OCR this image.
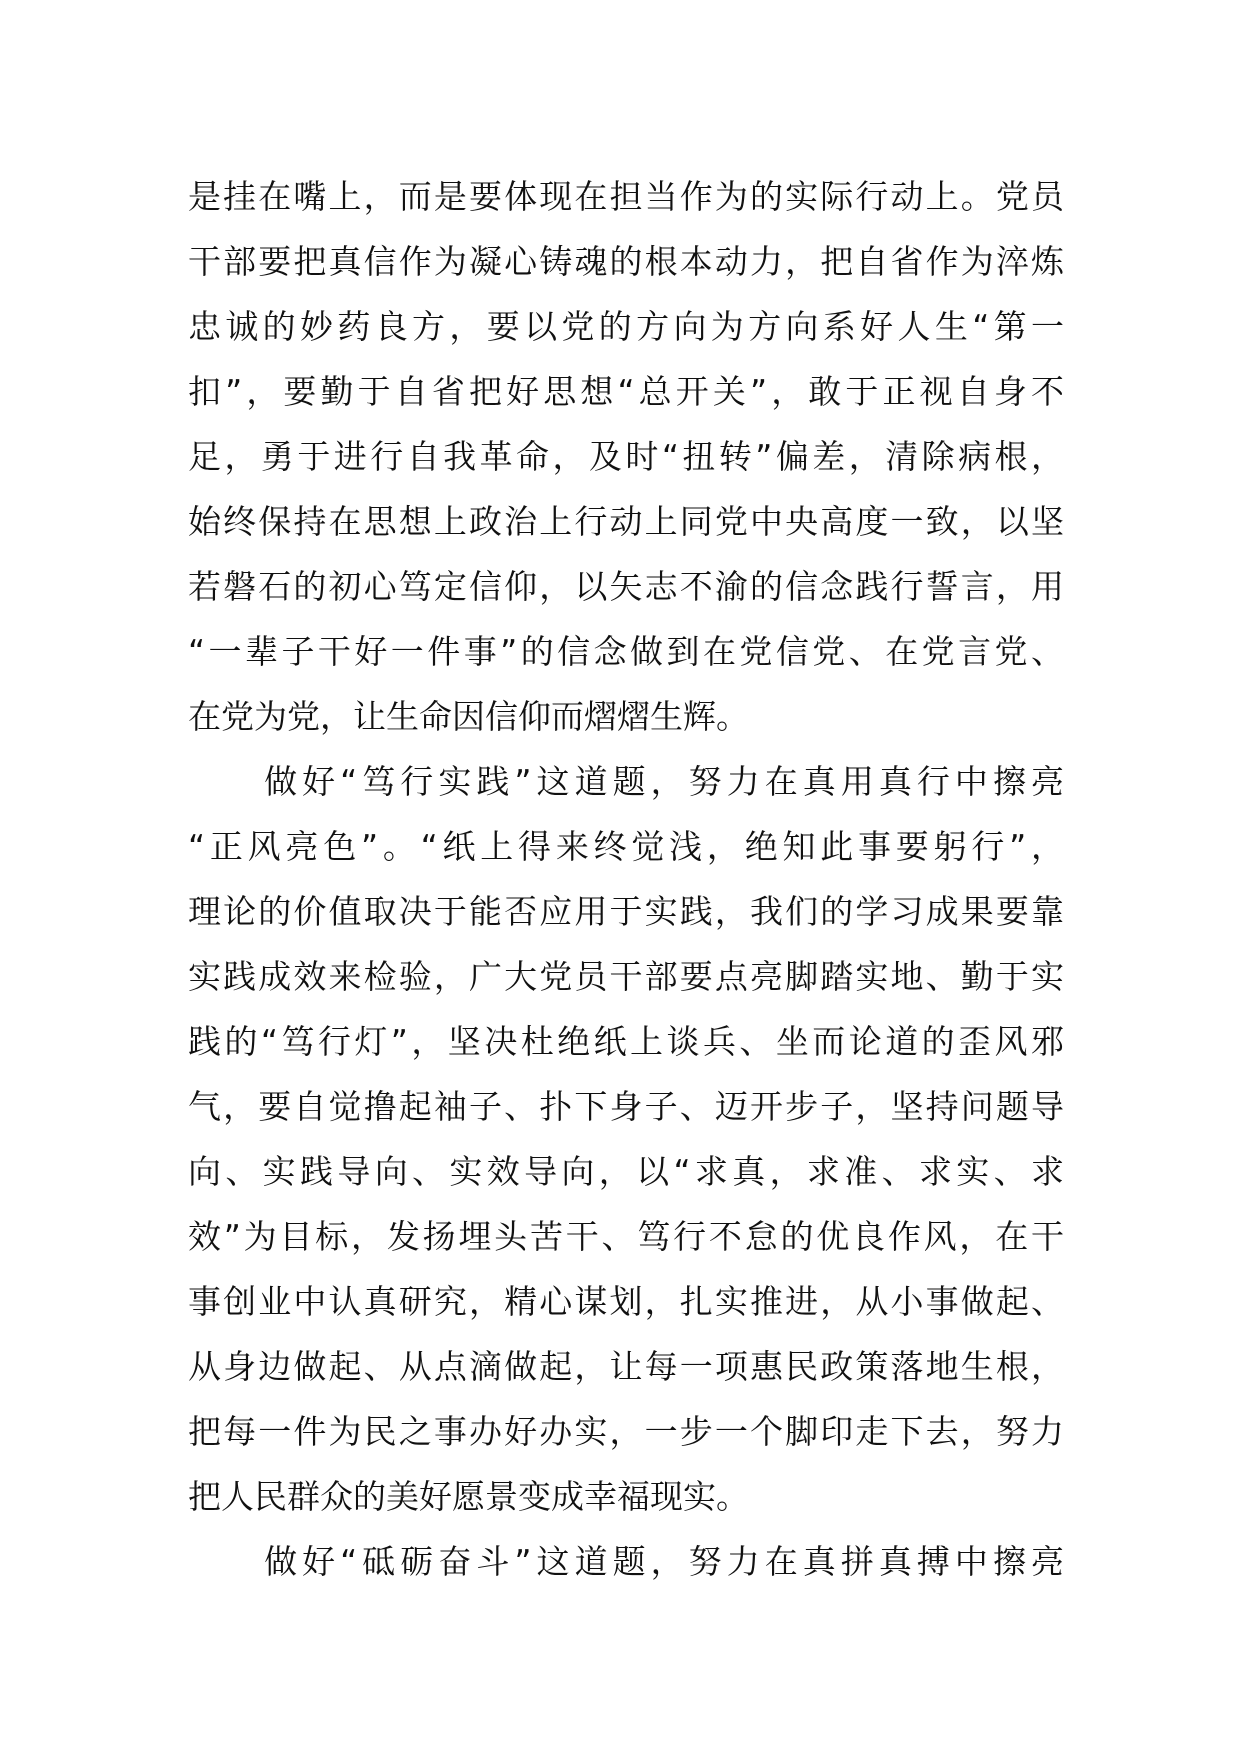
是挂在嘴上，而是要体现在担当作为的实际行动上。党员
干部要把真信作为凝心铸魂的根本动力，把自省作为淬炼
忠诚的妙药良方，要以党的方向为方向系好人生“第一
扣”，要勤于自省把好思想“总开关”，敢于正视自身不
足，勇于进行自我革命，及时“扭转”偏差，清除病根，
始终保持在思想上政治上行动上同党中央高度一致，以坚
若磐石的初心笃定信仰，以矢志不渝的信念践行誓言，用
“一辈子干好一件事”的信念做到在党信党、在党言党、
在党为党，让生命因信仰而熠熠生辉。
　　做好“笃行实践”这道题，努力在真用真行中擦亮
“正风亮色”。“纸上得来终觉浅，绝知此事要躬行”，
理论的价值取决于能否应用于实践，我们的学习成果要靠
实践成效来检验，广大党员干部要点亮脚踏实地、勤于实
践的“笃行灯”，坚决杜绝纸上谈兵、坐而论道的歪风邪
气，要自觉撸起袖子、扑下身子、迈开步子，坚持问题导
向、实践导向、实效导向，以“求真，求准、求实、求
效”为目标，发扬埋头苦干、笃行不怠的优良作风，在干
事创业中认真研究，精心谋划，扎实推进，从小事做起、
从身边做起、从点滴做起，让每一项惠民政策落地生根，
把每一件为民之事办好办实，一步一个脚印走下去，努力
把人民群众的美好愿景变成幸福现实。
　　做好“砥砺奋斗”这道题，努力在真拼真搏中擦亮
